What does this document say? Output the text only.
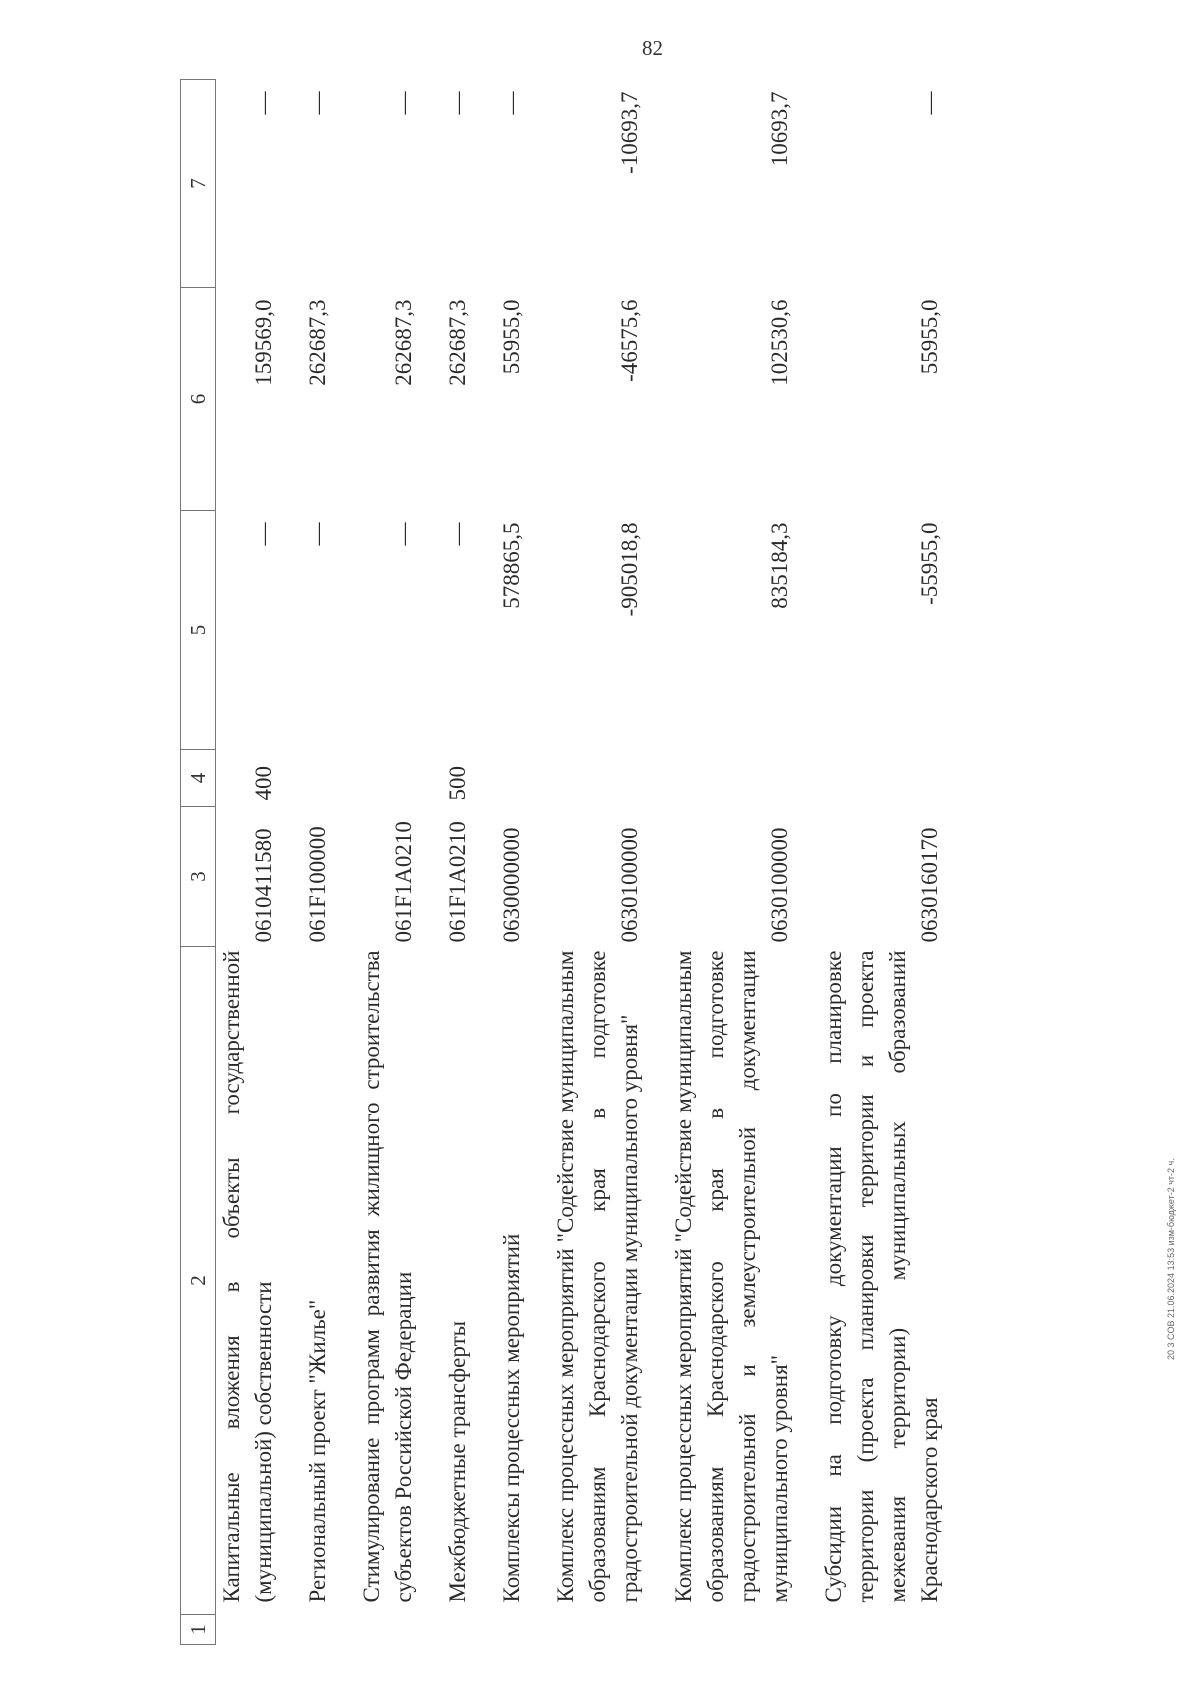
82
20 3 COB 21.06.2024 13:53 изм-бюджет-2 чт-2 ч.
1	2	3	4	5	6	7
	Капитальные вложения в объекты государственной (муниципальной) собственности	0610411580	400	—	159569,0	—
	Региональный проект "Жилье"	061F100000		—	262687,3	—
	Стимулирование программ развития жилищного строительства субъектов Российской Федерации	061F1A0210		—	262687,3	—
	Межбюджетные трансферты	061F1A0210	500	—	262687,3	—
	Комплексы процессных мероприятий	0630000000		578865,5	55955,0	—
	Комплекс процессных мероприятий "Содействие муниципальным образованиям Краснодарского края в подготовке градостроительной документации муниципального уровня"	0630100000		-905018,8	-46575,6	-10693,7
	Комплекс процессных мероприятий "Содействие муниципальным образованиям Краснодарского края в подготовке градостроительной и землеустроительной документации муниципального уровня"	0630100000		835184,3	102530,6	10693,7
	Субсидии на подготовку документации по планировке территории (проекта планировки территории и проекта межевания территории) муниципальных образований Краснодарского края	0630160170		-55955,0	55955,0	—
